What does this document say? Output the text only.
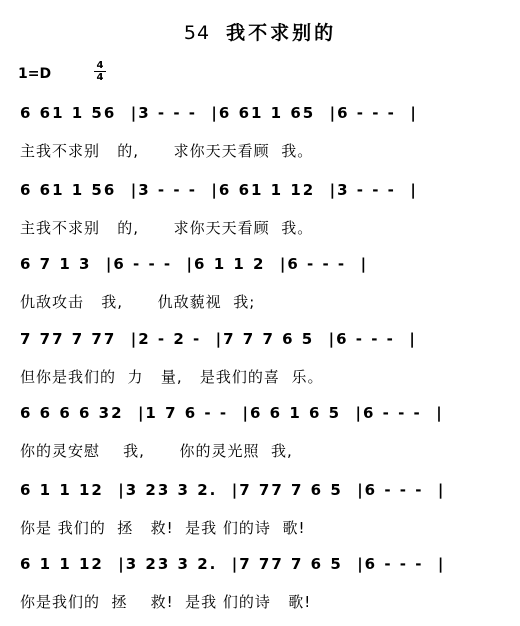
54 我不求别的
1=D
4
4
6 61 1 56  |3 - - -  |6 61 1 65  |6 - - -  |
主我不求别   的,      求你天天看顾  我。
6 61 1 56  |3 - - -  |6 61 1 12  |3 - - -  |
主我不求别   的,      求你天天看顾  我。
6 7 1 3  |6 - - -  |6 1 1 2  |6 - - -  |
仇敌攻击   我,      仇敌藐视  我;
7 77 7 77  |2 - 2 -  |7 7 7 6 5  |6 - - -  |
但你是我们的  力   量,   是我们的喜  乐。
6 6 6 6 32  |1 7 6 - -  |6 6 1 6 5  |6 - - -  |
你的灵安慰    我,      你的灵光照  我,
6 1 1 12  |3 23 3 2.  |7 77 7 6 5  |6 - - -  |
你是 我们的  拯   救!  是我 们的诗  歌!
6 1 1 12  |3 23 3 2.  |7 77 7 6 5  |6 - - -  |
你是我们的  拯    救!  是我 们的诗   歌!
